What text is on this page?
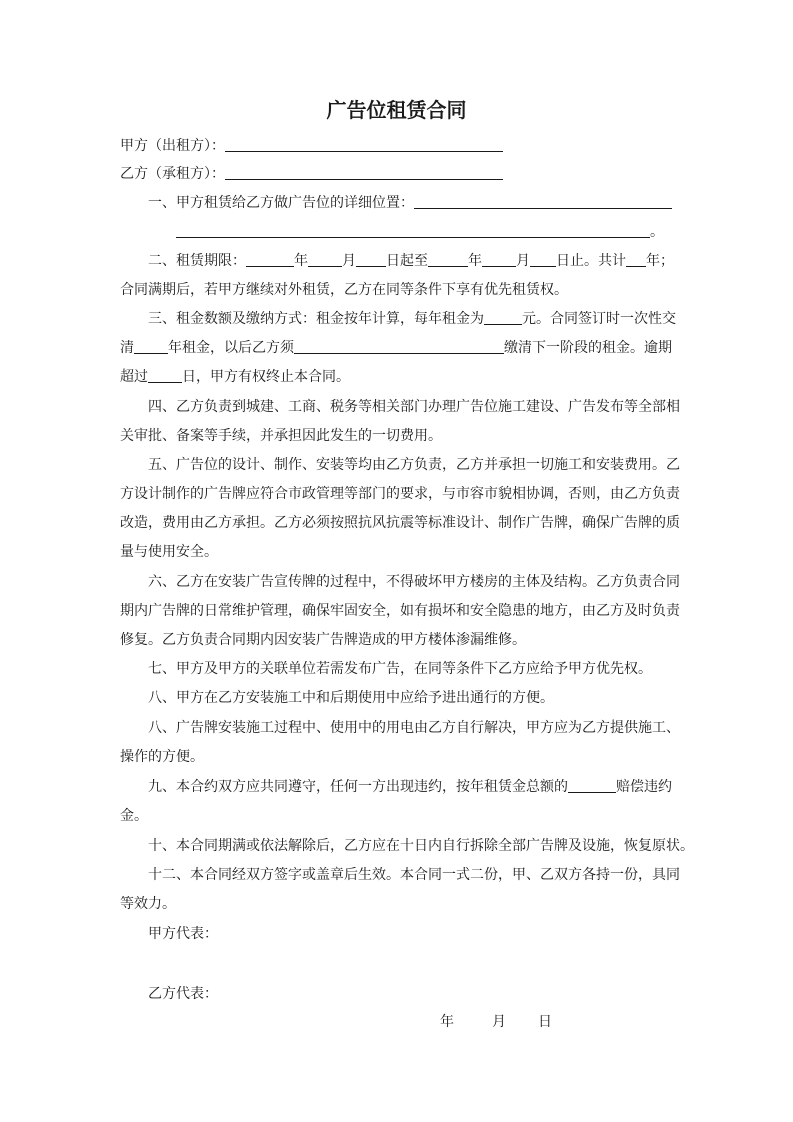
广告位租赁合同
甲方（出租方）：
乙方（承租方）：
一、甲方租赁给乙方做广告位的详细位置：
。
二、租赁期限：	年 月 日起至	年 月 日止。共计 年；
合同满期后，若甲方继续对外租赁，乙方在同等条件下享有优先租赁权。
三、租金数额及缴纳方式：租金按年计算，每年租金为	元。合同签订时一次性交
清 年租金，以后乙方须	缴清下一阶段的租金。逾期
超过 日，甲方有权终止本合同。
四、乙方负责到城建、工商、税务等相关部门办理广告位施工建设、广告发布等全部相
关审批、备案等手续，并承担因此发生的一切费用。
五、广告位的设计、制作、安装等均由乙方负责，乙方并承担一切施工和安装费用。乙
方设计制作的广告牌应符合市政管理等部门的要求，与市容市貌相协调，否则，由乙方负责
改造，费用由乙方承担。乙方必须按照抗风抗震等标准设计、制作广告牌，确保广告牌的质
量与使用安全。
六、乙方在安装广告宣传牌的过程中，不得破坏甲方楼房的主体及结构。乙方负责合同
期内广告牌的日常维护管理，确保牢固安全，如有损坏和安全隐患的地方，由乙方及时负责
修复。乙方负责合同期内因安装广告牌造成的甲方楼体渗漏维修。
七、甲方及甲方的关联单位若需发布广告，在同等条件下乙方应给予甲方优先权。
八、甲方在乙方安装施工中和后期使用中应给予进出通行的方便。
八、广告牌安装施工过程中、使用中的用电由乙方自行解决，甲方应为乙方提供施工、
操作的方便。
九、本合约双方应共同遵守，任何一方出现违约，按年租赁金总额的	赔偿违约
金。
十、本合同期满或依法解除后，乙方应在十日内自行拆除全部广告牌及设施，恢复原状。
十二、本合同经双方签字或盖章后生效。本合同一式二份，甲、乙双方各持一份，具同
等效力。
甲方代表：
乙方代表：
年	月 日
